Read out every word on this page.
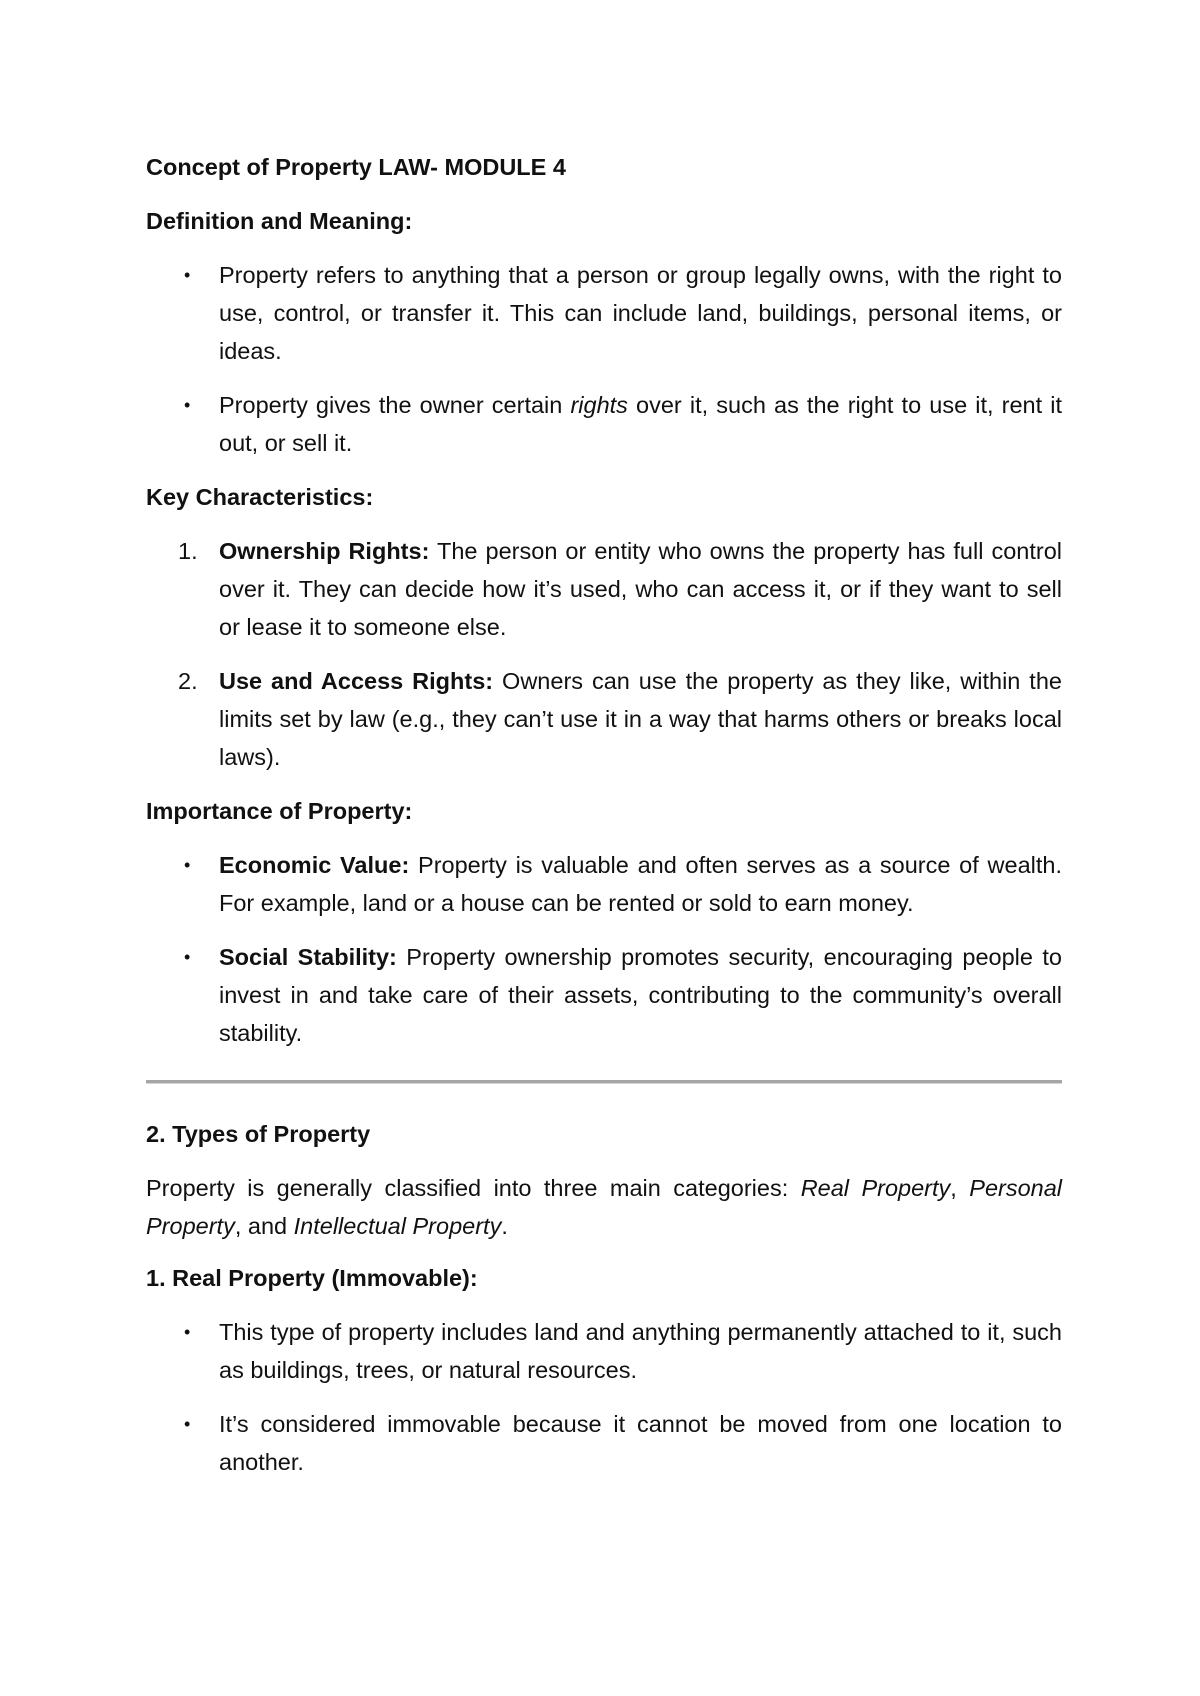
Concept of Property LAW- MODULE 4

Definition and Meaning:

• Property refers to anything that a person or group legally owns, with the right to use, control, or transfer it. This can include land, buildings, personal items, or ideas.
• Property gives the owner certain rights over it, such as the right to use it, rent it out, or sell it.

Key Characteristics:

1. Ownership Rights: The person or entity who owns the property has full control over it. They can decide how it’s used, who can access it, or if they want to sell or lease it to someone else.
2. Use and Access Rights: Owners can use the property as they like, within the limits set by law (e.g., they can’t use it in a way that harms others or breaks local laws).

Importance of Property:

• Economic Value: Property is valuable and often serves as a source of wealth. For example, land or a house can be rented or sold to earn money.
• Social Stability: Property ownership promotes security, encouraging people to invest in and take care of their assets, contributing to the community’s overall stability.

2. Types of Property

Property is generally classified into three main categories: Real Property, Personal Property, and Intellectual Property.

1. Real Property (Immovable):

• This type of property includes land and anything permanently attached to it, such as buildings, trees, or natural resources.
• It’s considered immovable because it cannot be moved from one location to another.
